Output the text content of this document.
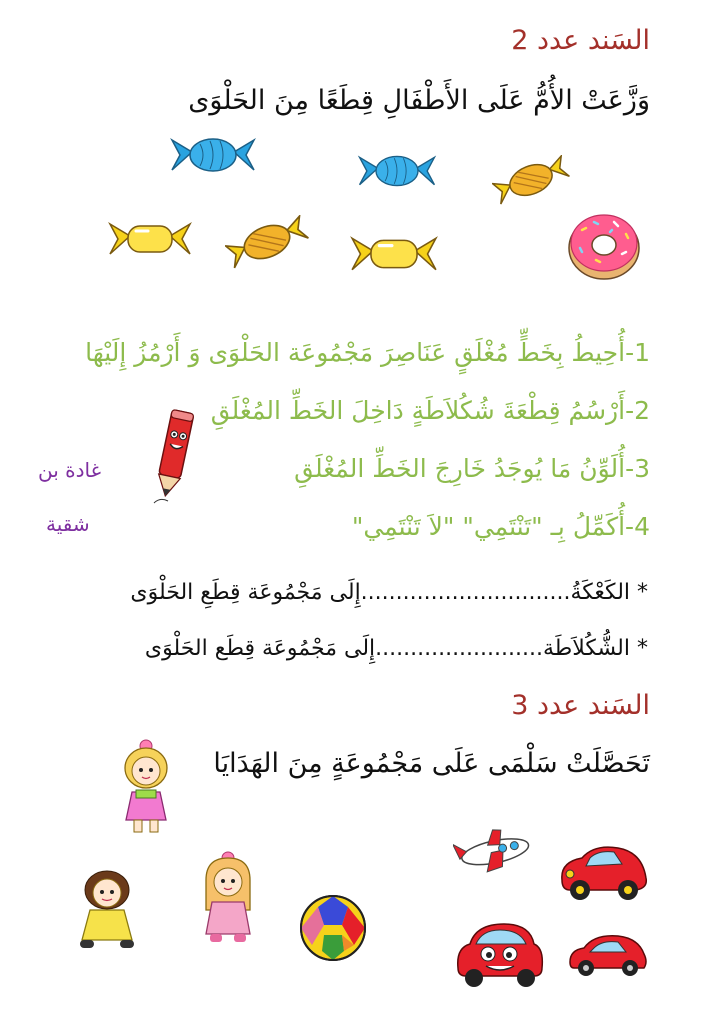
السَند عدد 2
وَزَّعَتْ الأُمُّ عَلَى الأَطْفَالِ قِطَعًا مِنَ الحَلْوَى
1-أُحِيطُ بِخَطٍّ مُغْلَقٍ عَنَاصِرَ مَجْمُوعَة الحَلْوَى وَ أَرْمُزُ إِلَيْهَا
2-أَرْسُمُ قِطْعَةَ شُكُلاَطَةٍ دَاخِلَ الخَطِّ المُغْلَقِ
3-أُلَوِّنُ مَا يُوجَدُ خَارِجَ الخَطِّ المُغْلَقِ
4-أُكَمِّلُ بِـ "تَنْتَمِي" "لاَ تَنْتَمِي"
غادة بن
شقية
* الكَعْكَةُ..............................إِلَى مَجْمُوعَة قِطَعِ الحَلْوَى
* الشُّكُلاَطَة........................إِلَى مَجْمُوعَة قِطَع الحَلْوَى
السَند عدد 3
تَحَصَّلَتْ سَلْمَى عَلَى مَجْمُوعَةٍ مِنَ الهَدَايَا
